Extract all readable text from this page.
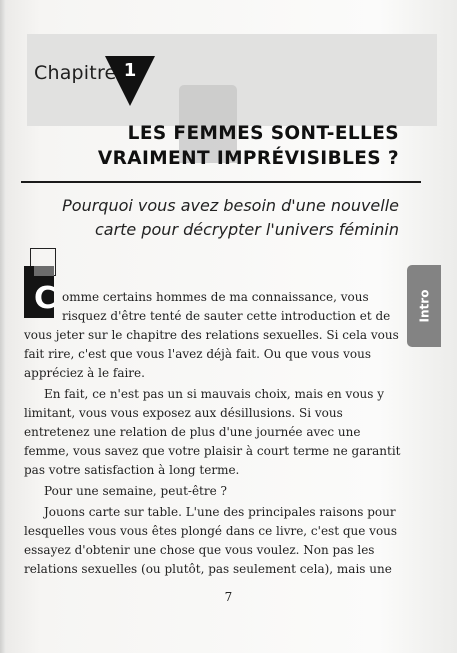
Chapitre 1
LES FEMMES SONT-ELLES
VRAIMENT IMPRÉVISIBLES ?
Pourquoi vous avez besoin d'une nouvelle
carte pour décrypter l'univers féminin
Intro
C omme certains hommes de ma connaissance, vous
risquez d'être tenté de sauter cette introduction et de
vous jeter sur le chapitre des relations sexuelles. Si cela vous
fait rire, c'est que vous l'avez déjà fait. Ou que vous vous
appréciez à le faire.
En fait, ce n'est pas un si mauvais choix, mais en vous y
limitant, vous vous exposez aux désillusions. Si vous
entretenez une relation de plus d'une journée avec une
femme, vous savez que votre plaisir à court terme ne garantit
pas votre satisfaction à long terme.
Pour une semaine, peut-être ?
Jouons carte sur table. L'une des principales raisons pour
lesquelles vous vous êtes plongé dans ce livre, c'est que vous
essayez d'obtenir une chose que vous voulez. Non pas les
relations sexuelles (ou plutôt, pas seulement cela), mais une
7
